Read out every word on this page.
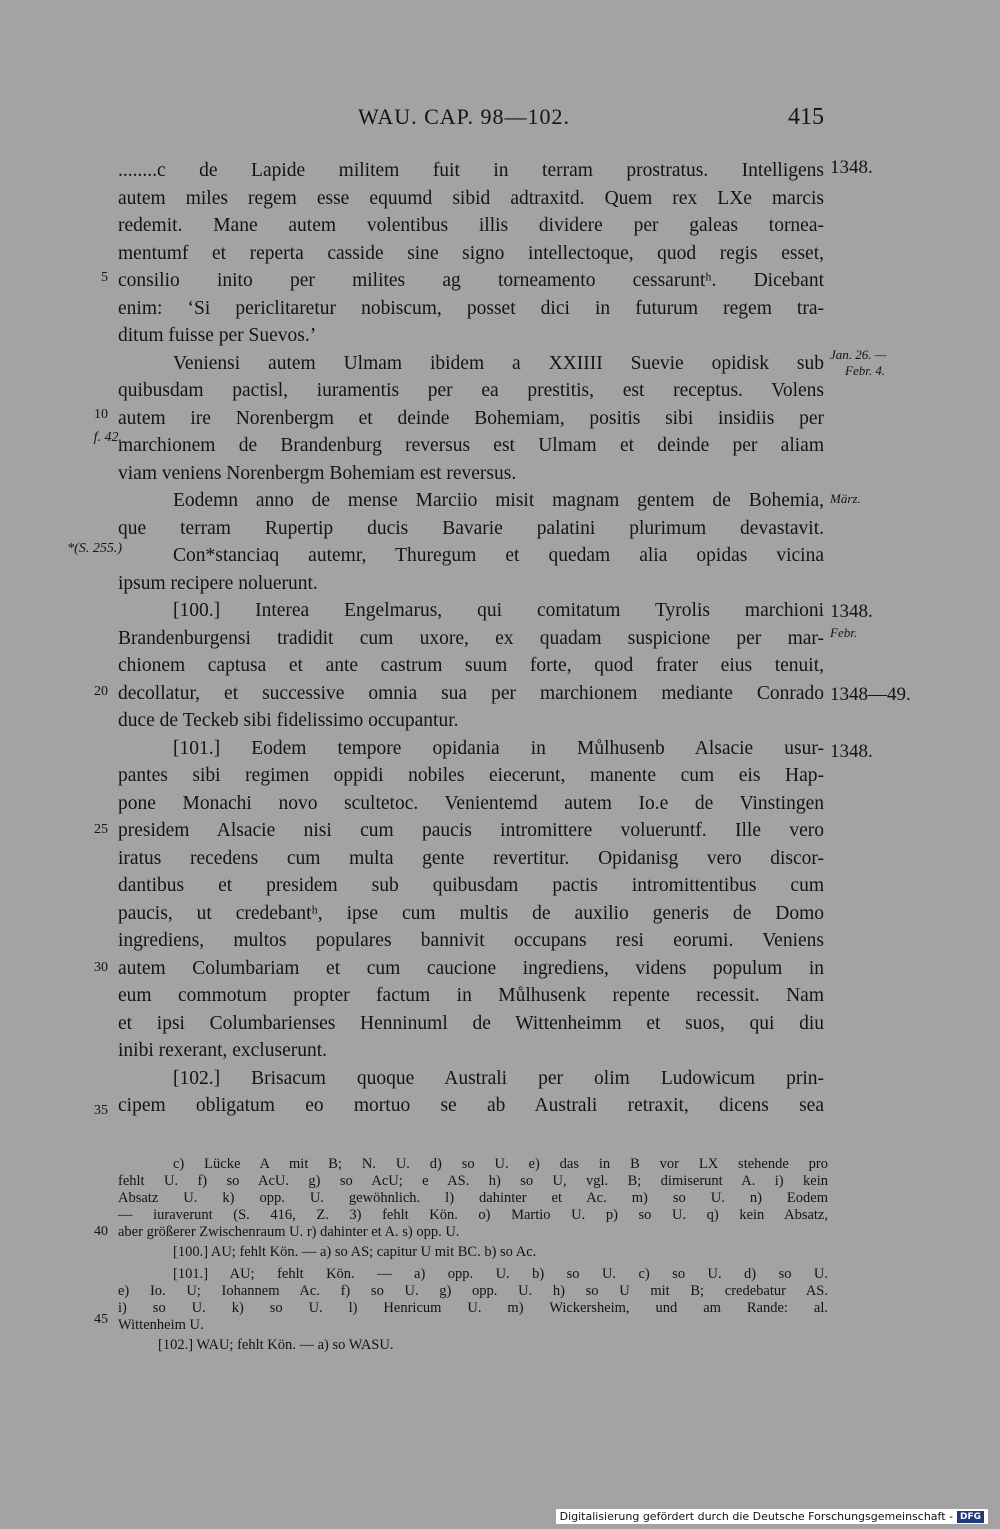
WAU. CAP. 98—102.	415
........c de Lapide militem fuit in terram prostratus. Intelligens
autem miles regem esse equumd sibid adtraxitd. Quem rex LXe marcis
redemit. Mane autem volentibus illis dividere per galeas tornea-
mentumf et reperta casside sine signo intellectoque, quod regis esset,
consilio inito per milites ag torneamento cessaruntʰ. Dicebant
enim: ‘Si periclitaretur nobiscum, posset dici in futurum regem tra-
ditum fuisse per Suevos.’
Veniensi autem Ulmam ibidem a XXIIII Suevie opidisk sub
quibusdam pactisl, iuramentis per ea prestitis, est receptus. Volens
autem ire Norenbergm et deinde Bohemiam, positis sibi insidiis per
marchionem de Brandenburg reversus est Ulmam et deinde per aliam
viam veniens Norenbergm Bohemiam est reversus.
Eodemn anno de mense Marciio misit magnam gentem de Bohemia,
que terram Rupertip ducis Bavarie palatini plurimum devastavit.
Con*stanciaq autemr, Thuregum et quedam alia opidas vicina
ipsum recipere noluerunt.
[100.] Interea Engelmarus, qui comitatum Tyrolis marchioni
Brandenburgensi tradidit cum uxore, ex quadam suspicione per mar-
chionem captusa et ante castrum suum forte, quod frater eius tenuit,
decollatur, et successive omnia sua per marchionem mediante Conrado
duce de Teckeb sibi fidelissimo occupantur.
[101.] Eodem tempore opidania in Můlhusenb Alsacie usur-
pantes sibi regimen oppidi nobiles eiecerunt, manente cum eis Hap-
pone Monachi novo scultetoc. Venientemd autem Io.e de Vinstingen
presidem Alsacie nisi cum paucis intromittere volueruntf. Ille vero
iratus recedens cum multa gente revertitur. Opidanisg vero discor-
dantibus et presidem sub quibusdam pactis intromittentibus cum
paucis, ut credebantʰ, ipse cum multis de auxilio generis de Domo
ingrediens, multos populares bannivit occupans resi eorumi. Veniens
autem Columbariam et cum caucione ingrediens, videns populum in
eum commotum propter factum in Můlhusenk repente recessit. Nam
et ipsi Columbarienses Henninuml de Wittenheimm et suos, qui diu
inibi rexerant, excluserunt.
[102.] Brisacum quoque Australi per olim Ludowicum prin-
cipem obligatum eo mortuo se ab Australi retraxit, dicens sea
5
10
20
25
30
35
40
45
f. 42.
*(S. 255.)
1348.
Jan. 26. —
Febr. 4.
März.
1348.
Febr.
1348—49.
1348.
c) Lücke A mit B; N. U. d) so U. e) das in B vor LX stehende pro
fehlt U. f) so AcU. g) so AcU; e AS. h) so U, vgl. B; dimiserunt A. i) kein
Absatz U. k) opp. U. gewöhnlich. l) dahinter et Ac. m) so U. n) Eodem
— iuraverunt (S. 416, Z. 3) fehlt Kön. o) Martio U. p) so U. q) kein Absatz,
aber größerer Zwischenraum U. r) dahinter et A. s) opp. U.
[100.] AU; fehlt Kön. — a) so AS; capitur U mit BC. b) so Ac.
[101.] AU; fehlt Kön. — a) opp. U. b) so U. c) so U. d) so U.
e) Io. U; Iohannem Ac. f) so U. g) opp. U. h) so U mit B; credebatur AS.
i) so U. k) so U. l) Henricum U. m) Wickersheim, und am Rande: al.
Wittenheim U.
[102.] WAU; fehlt Kön. — a) so WASU.
Digitalisierung gefördert durch die Deutsche Forschungsgemeinschaft - DFG
